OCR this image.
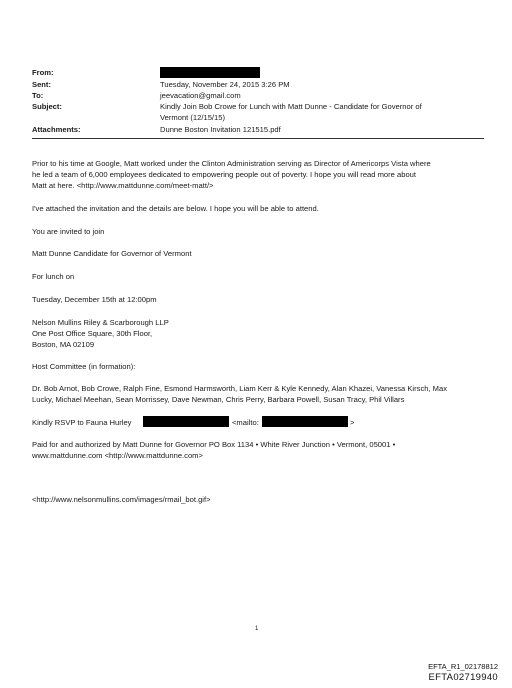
From:
Sent:	Tuesday, November 24, 2015 3:26 PM
To:	jeevacation@gmail.com
Subject:	Kindly Join Bob Crowe for Lunch with Matt Dunne - Candidate for Governor of
Vermont (12/15/15)
Attachments:	Dunne Boston Invitation 121515.pdf
Prior to his time at Google, Matt worked under the Clinton Administration serving as Director of Americorps Vista where
he led a team of 6,000 employees dedicated to empowering people out of poverty. I hope you will read more about
Matt at here. <http://www.mattdunne.com/meet-matt/>
I've attached the invitation and the details are below. I hope you will be able to attend.
You are invited to join
Matt Dunne Candidate for Governor of Vermont
For lunch on
Tuesday, December 15th at 12:00pm
Nelson Mullins Riley & Scarborough LLP
One Post Office Square, 30th Floor,
Boston, MA 02109
Host Committee (in formation):
Dr. Bob Arnot, Bob Crowe, Ralph Fine, Esmond Harmsworth, Liam Kerr & Kyle Kennedy, Alan Khazei, Vanessa Kirsch, Max
Lucky, Michael Meehan, Sean Morrissey, Dave Newman, Chris Perry, Barbara Powell, Susan Tracy, Phil Villars
Kindly RSVP to Fauna Hurley	<mailto:	>
Paid for and authorized by Matt Dunne for Governor PO Box 1134 • White River Junction • Vermont, 05001 •
www.mattdunne.com <http://www.mattdunne.com>
<http://www.nelsonmullins.com/images/rmail_bot.gif>
1
EFTA_R1_02178812
EFTA02719940
